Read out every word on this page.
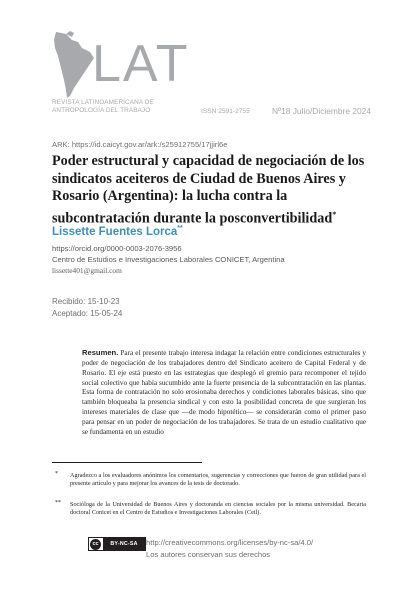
LAT
REVISTA LATINOAMERICANA DE
ANTROPOLOGÍA DEL TRABAJO	ISSN 2591-2755	Nº18 Julio/Diciembre 2024
ARK: https://id.caicyt.gov.ar/ark:/s25912755/17jjirl6e
Poder estructural y capacidad de negociación de los sindicatos aceiteros de Ciudad de Buenos Aires y Rosario (Argentina): la lucha contra la subcontratación durante la posconvertibilidad*
Lissette Fuentes Lorca**
https://orcid.org/0000-0003-2076-3956
Centro de Estudios e Investigaciones Laborales CONICET, Argentina
lissette401@gmail.com
Recibido: 15-10-23
Aceptado: 15-05-24

Resumen. Para el presente trabajo interesa indagar la relación entre condiciones estructurales y poder de negociación de los trabajadores dentro del Sindicato aceitero de Capital Federal y de Rosario. El eje está puesto en las estrategias que desplegó el gremio para recomponer el tejido social colectivo que había sucumbido ante la fuerte presencia de la subcontratación en las plantas. Esta forma de contratación no solo erosionaba derechos y condiciones laborales básicas, sino que también bloqueaba la presencia sindical y con esto la posibilidad concreta de que surgieran los intereses materiales de clase que —de modo hipotético— se considerarán como el primer paso para pensar en un poder de negociación de los trabajadores. Se trata de un estudio cualitativo que se fundamenta en un estudio

* Agradezco a los evaluadores anónimos los comentarios, sugerencias y correcciones que fueron de gran utilidad para el presente artículo y para mejorar los avances de la tesis de doctorado.

** Socióloga de la Universidad de Buenos Aires y doctoranda en ciencias sociales por la misma universidad. Becaria doctoral Conicet en el Centro de Estudios e Investigaciones Laborales (Ceil).

cc	BY-NC-SA	http://creativecommons.org/licenses/by-nc-sa/4.0/
Los autores conservan sus derechos
